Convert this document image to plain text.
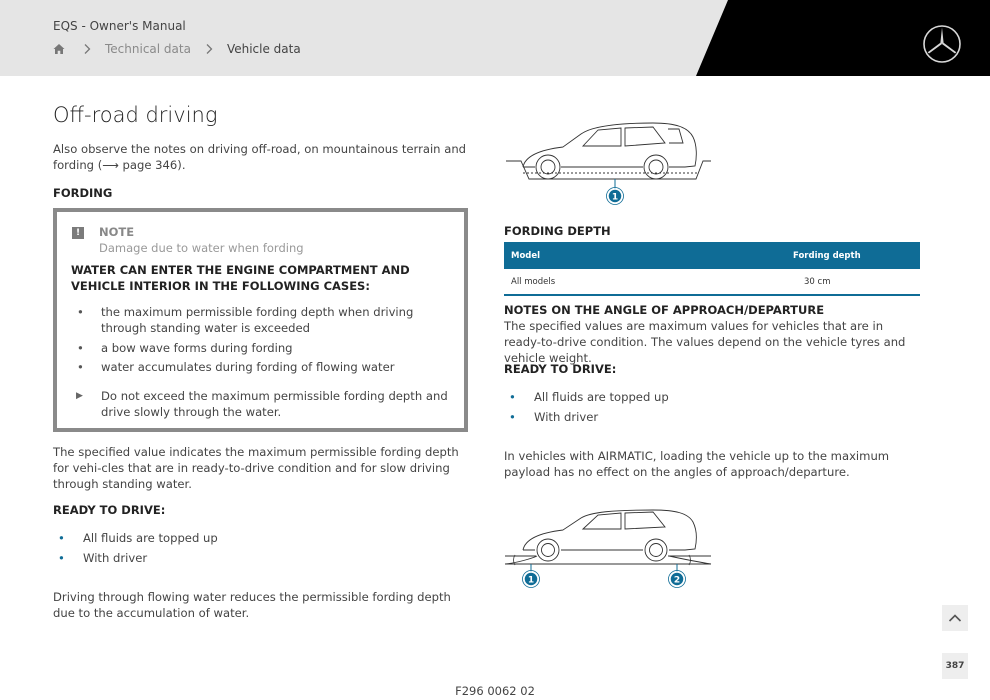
EQS - Owner's Manual
Technical data	Vehicle data
Off-road driving
Also observe the notes on driving off-road, on mountainous terrain and fording (⟶ page 346).
FORDING
!	NOTE
Damage due to water when fording
WATER CAN ENTER THE ENGINE COMPARTMENT AND VEHICLE INTERIOR IN THE FOLLOWING CASES:
• the maximum permissible fording depth when driving through standing water is exceeded
• a bow wave forms during fording
• water accumulates during fording of flowing water
▶ Do not exceed the maximum permissible fording depth and drive slowly through the water.
The specified value indicates the maximum permissible fording depth for vehi-cles that are in ready-to-drive condition and for slow driving through standing water.
READY TO DRIVE:
• All fluids are topped up
• With driver
Driving through flowing water reduces the permissible fording depth due to the accumulation of water.
1
FORDING DEPTH
Model	Fording depth
All models	30 cm
NOTES ON THE ANGLE OF APPROACH/DEPARTURE
The specified values are maximum values for vehicles that are in ready-to-drive condition. The values depend on the vehicle tyres and vehicle weight.
READY TO DRIVE:
• All fluids are topped up
• With driver
In vehicles with AIRMATIC, loading the vehicle up to the maximum payload has no effect on the angles of approach/departure.
1	2
387
F296 0062 02
